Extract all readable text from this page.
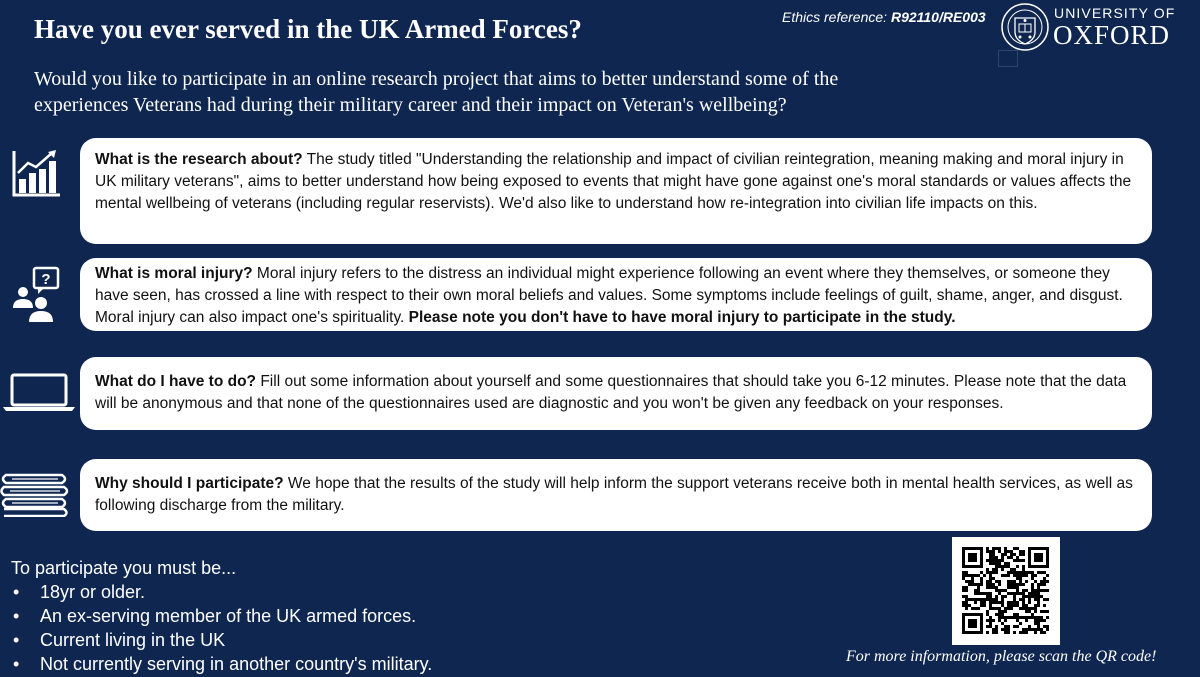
Have you ever served in the UK Armed Forces?	Ethics reference: R92110/RE003	UNIVERSITY OF
OXFORD

Would you like to participate in an online research project that aims to better understand some of the experiences Veterans had during their military career and their impact on Veteran's wellbeing?

?
What is the research about? The study titled "Understanding the relationship and impact of civilian reintegration, meaning making and moral injury in UK military veterans", aims to better understand how being exposed to events that might have gone against one's moral standards or values affects the mental wellbeing of veterans (including regular reservists). We'd also like to understand how re-integration into civilian life impacts on this.
What is moral injury? Moral injury refers to the distress an individual might experience following an event where they themselves, or someone they have seen, has crossed a line with respect to their own moral beliefs and values. Some symptoms include feelings of guilt, shame, anger, and disgust. Moral injury can also impact one's spirituality. Please note you don't have to have moral injury to participate in the study.
What do I have to do? Fill out some information about yourself and some questionnaires that should take you 6-12 minutes. Please note that the data will be anonymous and that none of the questionnaires used are diagnostic and you won't be given any feedback on your responses.
Why should I participate? We hope that the results of the study will help inform the support veterans receive both in mental health services, as well as following discharge from the military.
To participate you must be...
• 18yr or older.
• An ex-serving member of the UK armed forces.
• Current living in the UK
• Not currently serving in another country's military.	For more information, please scan the QR code!
